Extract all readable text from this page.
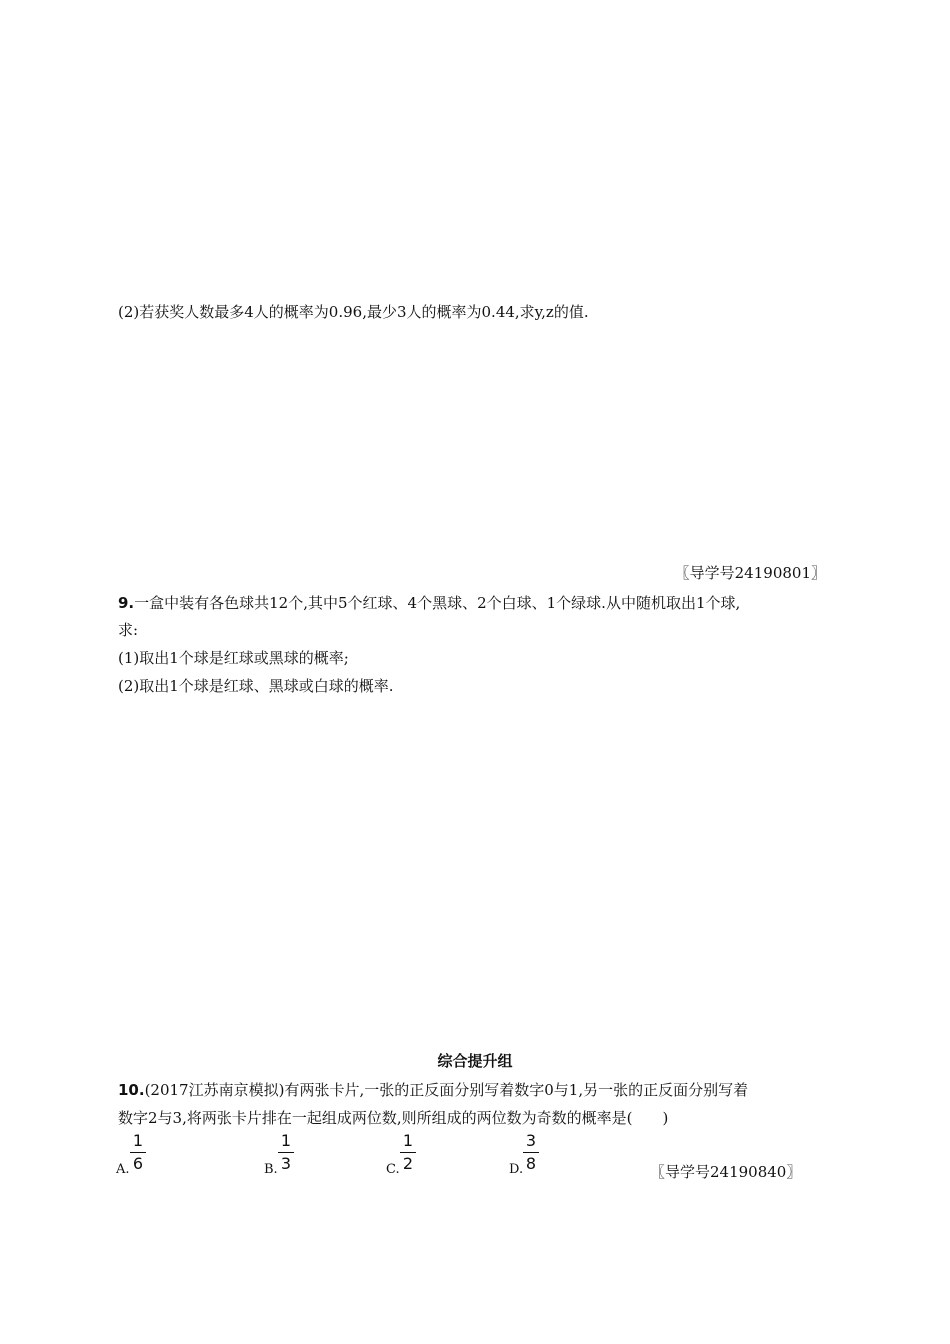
(2)若获奖人数最多4人的概率为0.96,最少3人的概率为0.44,求y,z的值.
〖导学号24190801〗
9.一盒中装有各色球共12个,其中5个红球、4个黑球、2个白球、1个绿球.从中随机取出1个球,
求:
(1)取出1个球是红球或黑球的概率;
(2)取出1个球是红球、黑球或白球的概率.
综合提升组
10.(2017江苏南京模拟)有两张卡片,一张的正反面分别写着数字0与1,另一张的正反面分别写着
数字2与3,将两张卡片排在一起组成两位数,则所组成的两位数为奇数的概率是(　　)
A.
1
6	B.
1
3	C.
1
2	D.
3
8	〖导学号24190840〗
